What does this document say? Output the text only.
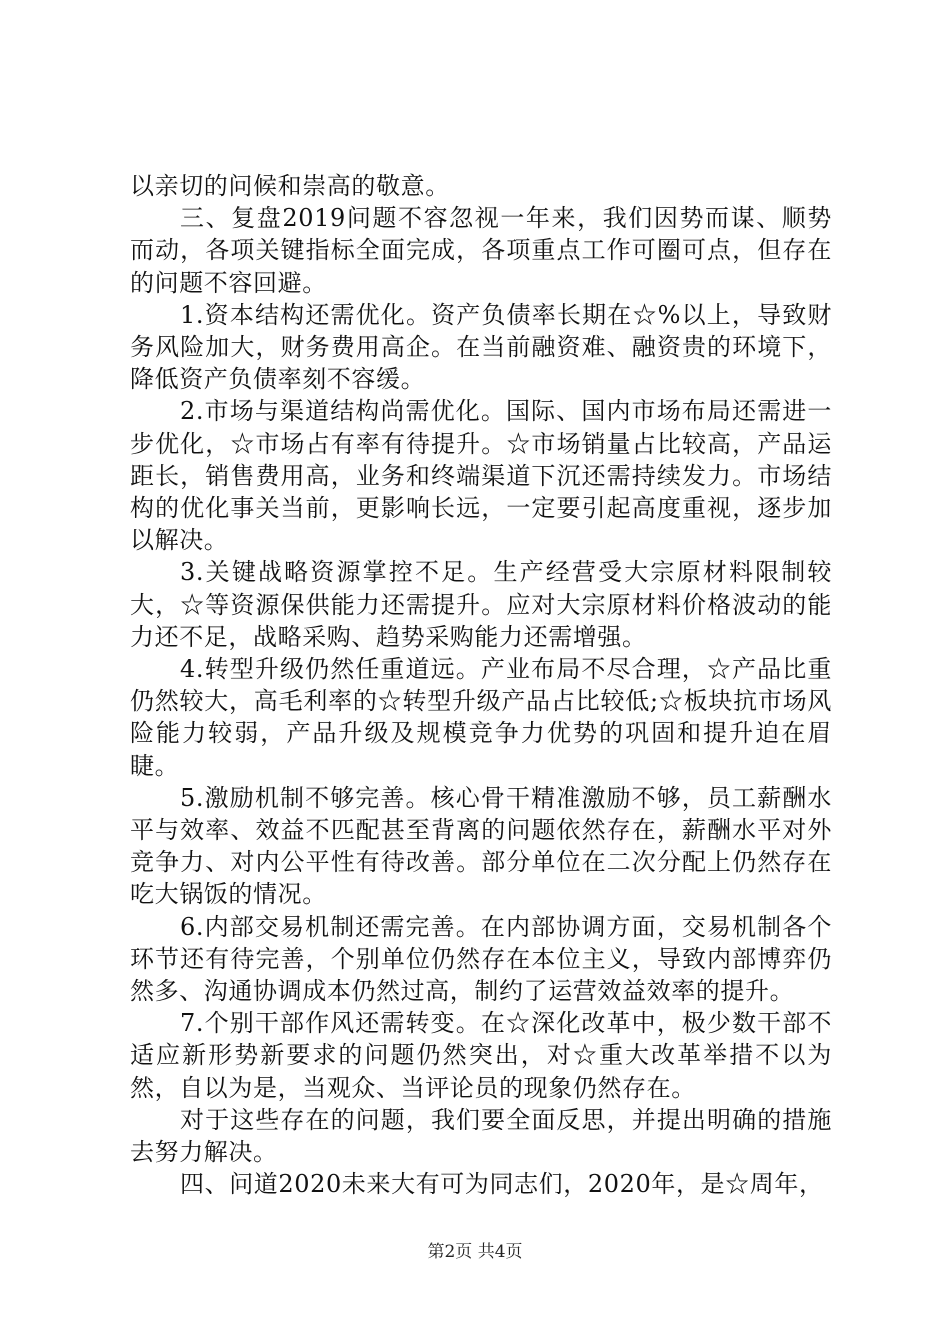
以亲切的问候和崇高的敬意。

三、复盘2019问题不容忽视一年来，我们因势而谋、顺势而动，各项关键指标全面完成，各项重点工作可圈可点，但存在的问题不容回避。

1.资本结构还需优化。资产负债率长期在☆%以上，导致财务风险加大，财务费用高企。在当前融资难、融资贵的环境下，降低资产负债率刻不容缓。

2.市场与渠道结构尚需优化。国际、国内市场布局还需进一步优化，☆市场占有率有待提升。☆市场销量占比较高，产品运距长，销售费用高，业务和终端渠道下沉还需持续发力。市场结构的优化事关当前，更影响长远，一定要引起高度重视，逐步加以解决。

3.关键战略资源掌控不足。生产经营受大宗原材料限制较大，☆等资源保供能力还需提升。应对大宗原材料价格波动的能力还不足，战略采购、趋势采购能力还需增强。

4.转型升级仍然任重道远。产业布局不尽合理，☆产品比重仍然较大，高毛利率的☆转型升级产品占比较低;☆板块抗市场风险能力较弱，产品升级及规模竞争力优势的巩固和提升迫在眉睫。

5.激励机制不够完善。核心骨干精准激励不够，员工薪酬水平与效率、效益不匹配甚至背离的问题依然存在，薪酬水平对外竞争力、对内公平性有待改善。部分单位在二次分配上仍然存在吃大锅饭的情况。

6.内部交易机制还需完善。在内部协调方面，交易机制各个环节还有待完善，个别单位仍然存在本位主义，导致内部博弈仍然多、沟通协调成本仍然过高，制约了运营效益效率的提升。

7.个别干部作风还需转变。在☆深化改革中，极少数干部不适应新形势新要求的问题仍然突出，对☆重大改革举措不以为然，自以为是，当观众、当评论员的现象仍然存在。

对于这些存在的问题，我们要全面反思，并提出明确的措施去努力解决。

四、问道2020未来大有可为同志们，2020年，是☆周年，

第2页 共4页
